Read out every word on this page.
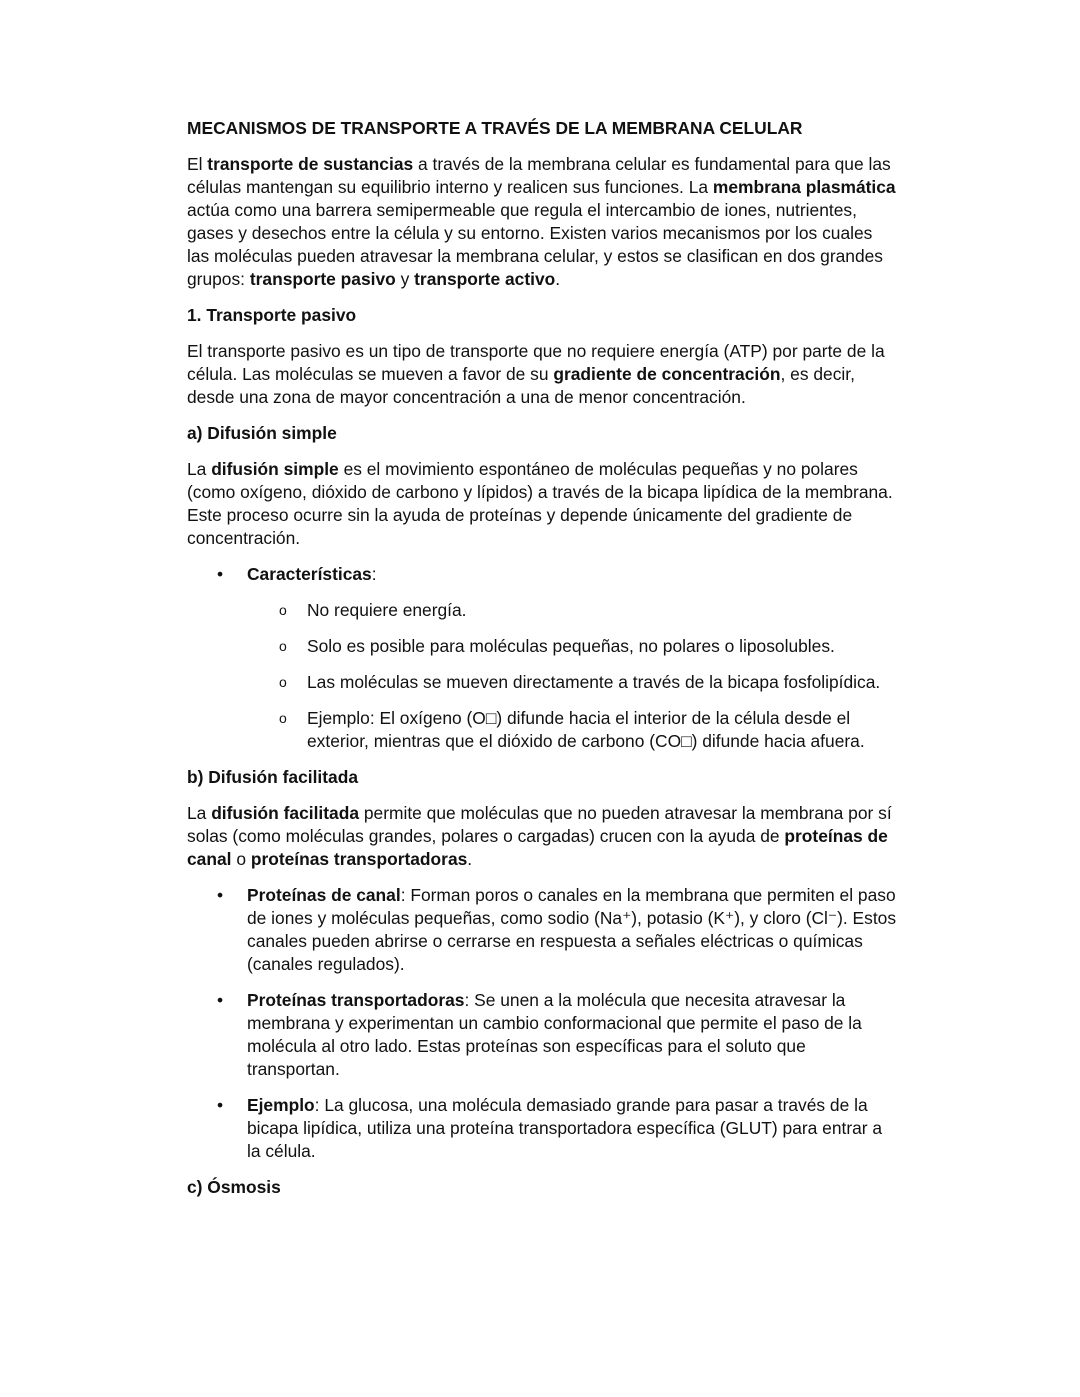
MECANISMOS DE TRANSPORTE A TRAVÉS DE LA MEMBRANA CELULAR
El transporte de sustancias a través de la membrana celular es fundamental para que las células mantengan su equilibrio interno y realicen sus funciones. La membrana plasmática actúa como una barrera semipermeable que regula el intercambio de iones, nutrientes, gases y desechos entre la célula y su entorno. Existen varios mecanismos por los cuales las moléculas pueden atravesar la membrana celular, y estos se clasifican en dos grandes grupos: transporte pasivo y transporte activo.
1. Transporte pasivo
El transporte pasivo es un tipo de transporte que no requiere energía (ATP) por parte de la célula. Las moléculas se mueven a favor de su gradiente de concentración, es decir, desde una zona de mayor concentración a una de menor concentración.
a) Difusión simple
La difusión simple es el movimiento espontáneo de moléculas pequeñas y no polares (como oxígeno, dióxido de carbono y lípidos) a través de la bicapa lipídica de la membrana. Este proceso ocurre sin la ayuda de proteínas y depende únicamente del gradiente de concentración.
• Características:
o No requiere energía.
o Solo es posible para moléculas pequeñas, no polares o liposolubles.
o Las moléculas se mueven directamente a través de la bicapa fosfolipídica.
o Ejemplo: El oxígeno (O□) difunde hacia el interior de la célula desde el exterior, mientras que el dióxido de carbono (CO□) difunde hacia afuera.
b) Difusión facilitada
La difusión facilitada permite que moléculas que no pueden atravesar la membrana por sí solas (como moléculas grandes, polares o cargadas) crucen con la ayuda de proteínas de canal o proteínas transportadoras.
• Proteínas de canal: Forman poros o canales en la membrana que permiten el paso de iones y moléculas pequeñas, como sodio (Na⁺), potasio (K⁺), y cloro (Cl⁻). Estos canales pueden abrirse o cerrarse en respuesta a señales eléctricas o químicas (canales regulados).
• Proteínas transportadoras: Se unen a la molécula que necesita atravesar la membrana y experimentan un cambio conformacional que permite el paso de la molécula al otro lado. Estas proteínas son específicas para el soluto que transportan.
• Ejemplo: La glucosa, una molécula demasiado grande para pasar a través de la bicapa lipídica, utiliza una proteína transportadora específica (GLUT) para entrar a la célula.
c) Ósmosis
